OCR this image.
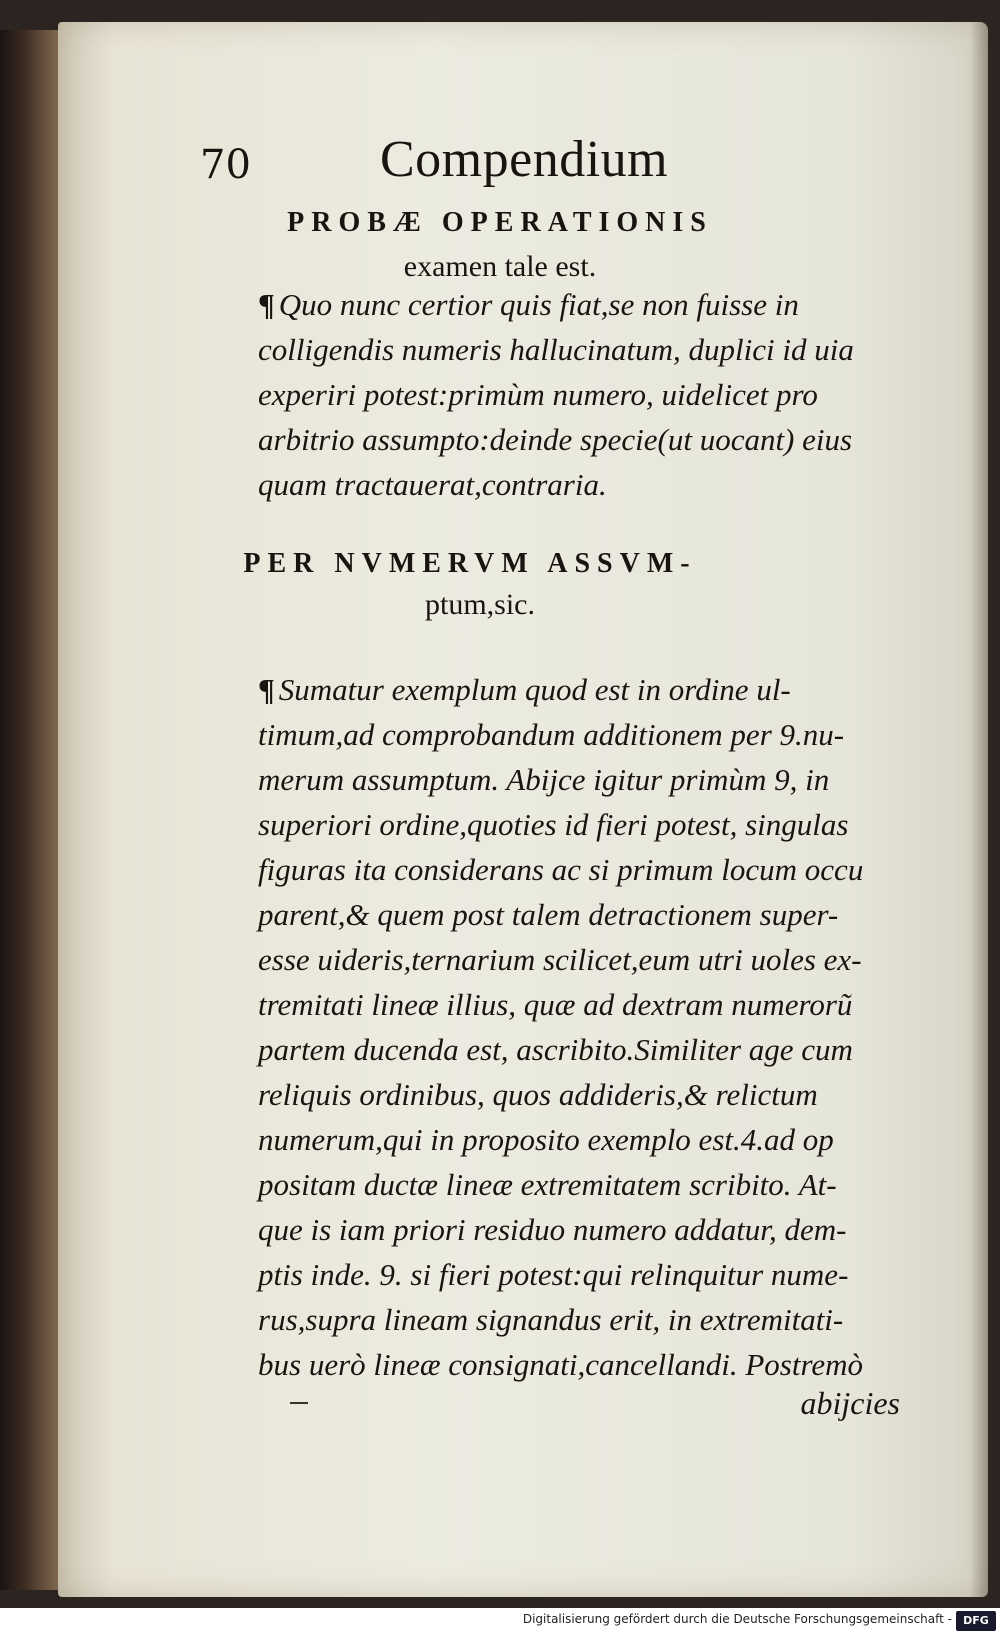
70 Compendium
PROBÆ OPERATIONIS
examen tale est.
¶ Quo nunc certior quis fiat,se non fuisse in
colligendis numeris hallucinatum, duplici id uia
experiri potest:primùm numero, uidelicet pro
arbitrio assumpto:deinde specie(ut uocant) eius
quam tractauerat,contraria.
PER NVMERVM ASSVM-
ptum,sic.
¶ Sumatur exemplum quod est in ordine ul-
timum,ad comprobandum additionem per 9.nu-
merum assumptum. Abijce igitur primùm 9, in
superiori ordine,quoties id fieri potest, singulas
figuras ita considerans ac si primum locum occu
parent,& quem post talem detractionem super-
esse uideris,ternarium scilicet,eum utri uoles ex-
tremitati lineæ illius, quæ ad dextram numerorũ
partem ducenda est, ascribito.Similiter age cum
reliquis ordinibus, quos addideris,& relictum
numerum,qui in proposito exemplo est.4.ad op
positam ductæ lineæ extremitatem scribito. At-
que is iam priori residuo numero addatur, dem-
ptis inde. 9. si fieri potest:qui relinquitur nume-
rus,supra lineam signandus erit, in extremitati-
bus uerò lineæ consignati,cancellandi. Postremò
abijcies
Digitalisierung gefördert durch die Deutsche Forschungsgemeinschaft -	DFG
